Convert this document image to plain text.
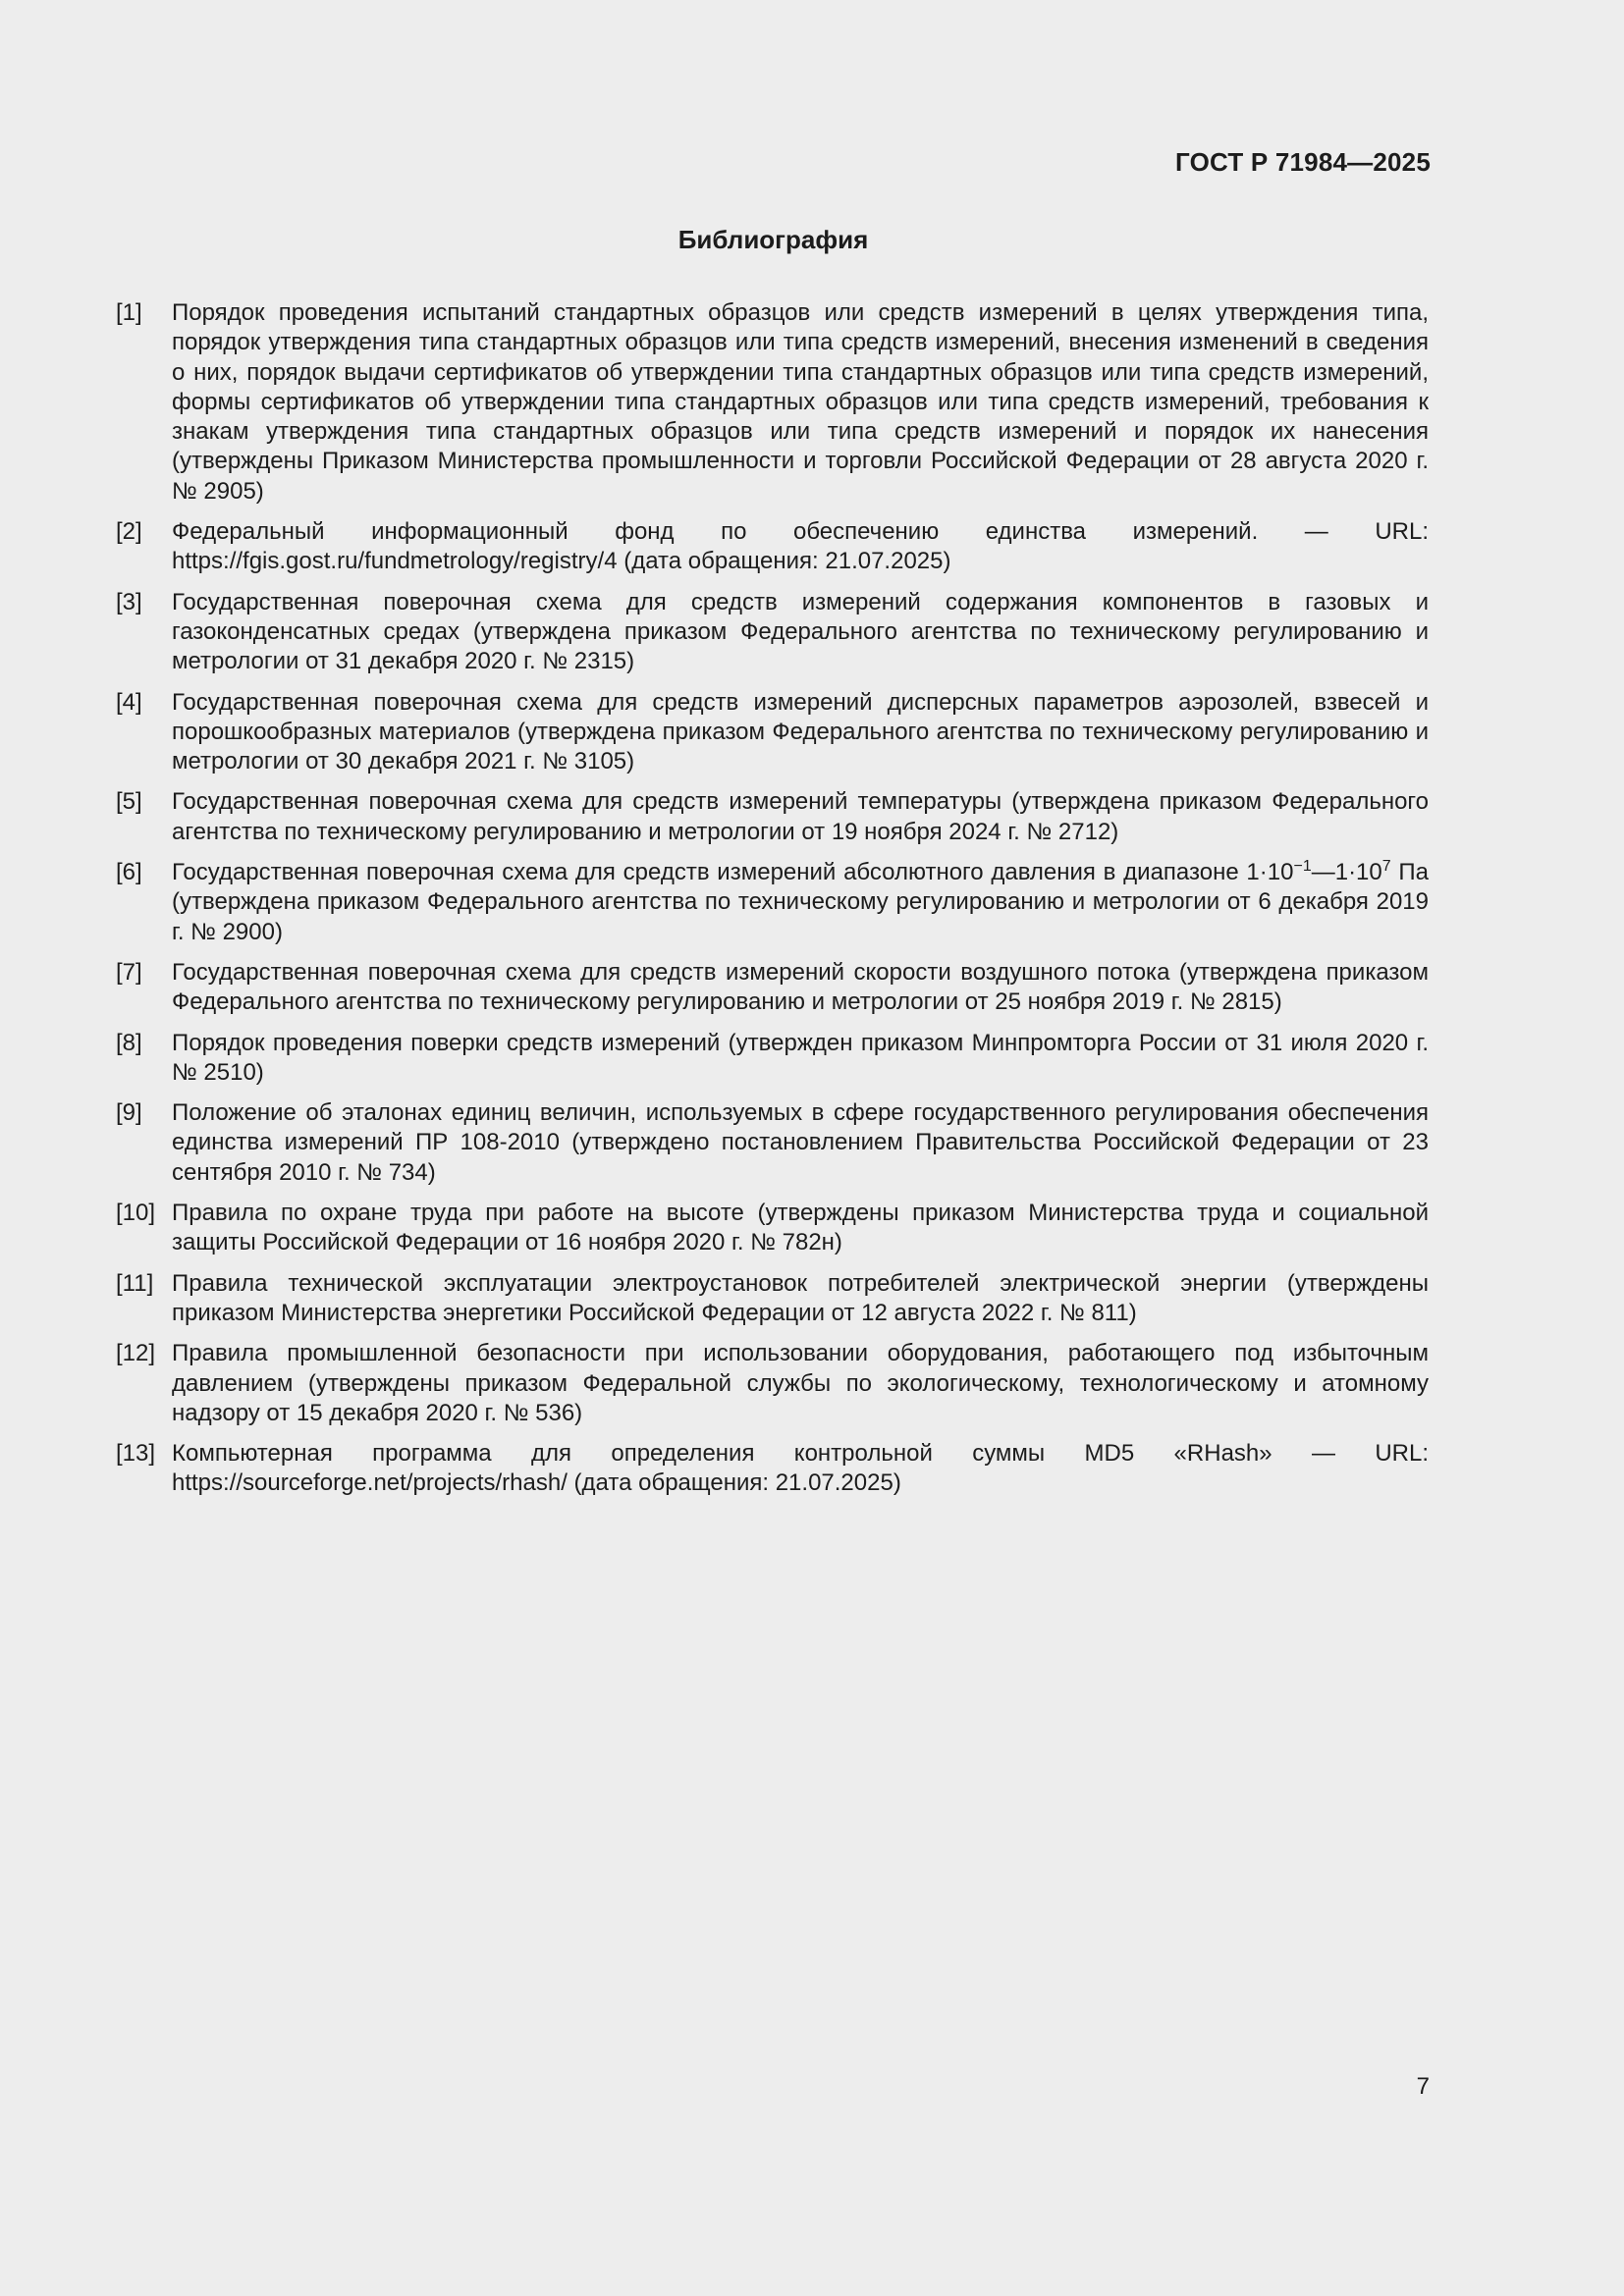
ГОСТ Р 71984—2025
Библиография
[1] Порядок проведения испытаний стандартных образцов или средств измерений в целях утверждения типа, порядок утверждения типа стандартных образцов или типа средств измерений, внесения изменений в сведения о них, порядок выдачи сертификатов об утверждении типа стандартных образцов или типа средств измерений, формы сертификатов об утверждении типа стандартных образцов или типа средств измерений, требования к знакам утверждения типа стандартных образцов или типа средств измерений и порядок их нанесения (утверждены Приказом Министерства промышленности и торговли Российской Федерации от 28 августа 2020 г. № 2905)
[2] Федеральный информационный фонд по обеспечению единства измерений. — URL: https://fgis.gost.ru/fundmetrology/registry/4 (дата обращения: 21.07.2025)
[3] Государственная поверочная схема для средств измерений содержания компонентов в газовых и газоконденсатных средах (утверждена приказом Федерального агентства по техническому регулированию и метрологии от 31 декабря 2020 г. № 2315)
[4] Государственная поверочная схема для средств измерений дисперсных параметров аэрозолей, взвесей и порошкообразных материалов (утверждена приказом Федерального агентства по техническому регулированию и метрологии от 30 декабря 2021 г. № 3105)
[5] Государственная поверочная схема для средств измерений температуры (утверждена приказом Федерального агентства по техническому регулированию и метрологии от 19 ноября 2024 г. № 2712)
[6] Государственная поверочная схема для средств измерений абсолютного давления в диапазоне $1\cdot 10^{-1}—1\cdot 10^7$ Па (утверждена приказом Федерального агентства по техническому регулированию и метрологии от 6 декабря 2019 г. № 2900)
[7] Государственная поверочная схема для средств измерений скорости воздушного потока (утверждена приказом Федерального агентства по техническому регулированию и метрологии от 25 ноября 2019 г. № 2815)
[8] Порядок проведения поверки средств измерений (утвержден приказом Минпромторга России от 31 июля 2020 г. № 2510)
[9] Положение об эталонах единиц величин, используемых в сфере государственного регулирования обеспечения единства измерений ПР 108-2010 (утверждено постановлением Правительства Российской Федерации от 23 сентября 2010 г. № 734)
[10] Правила по охране труда при работе на высоте (утверждены приказом Министерства труда и социальной защиты Российской Федерации от 16 ноября 2020 г. № 782н)
[11] Правила технической эксплуатации электроустановок потребителей электрической энергии (утверждены приказом Министерства энергетики Российской Федерации от 12 августа 2022 г. № 811)
[12] Правила промышленной безопасности при использовании оборудования, работающего под избыточным давлением (утверждены приказом Федеральной службы по экологическому, технологическому и атомному надзору от 15 декабря 2020 г. № 536)
[13] Компьютерная программа для определения контрольной суммы MD5 «RHash» — URL: https://sourceforge.net/projects/rhash/ (дата обращения: 21.07.2025)
7
